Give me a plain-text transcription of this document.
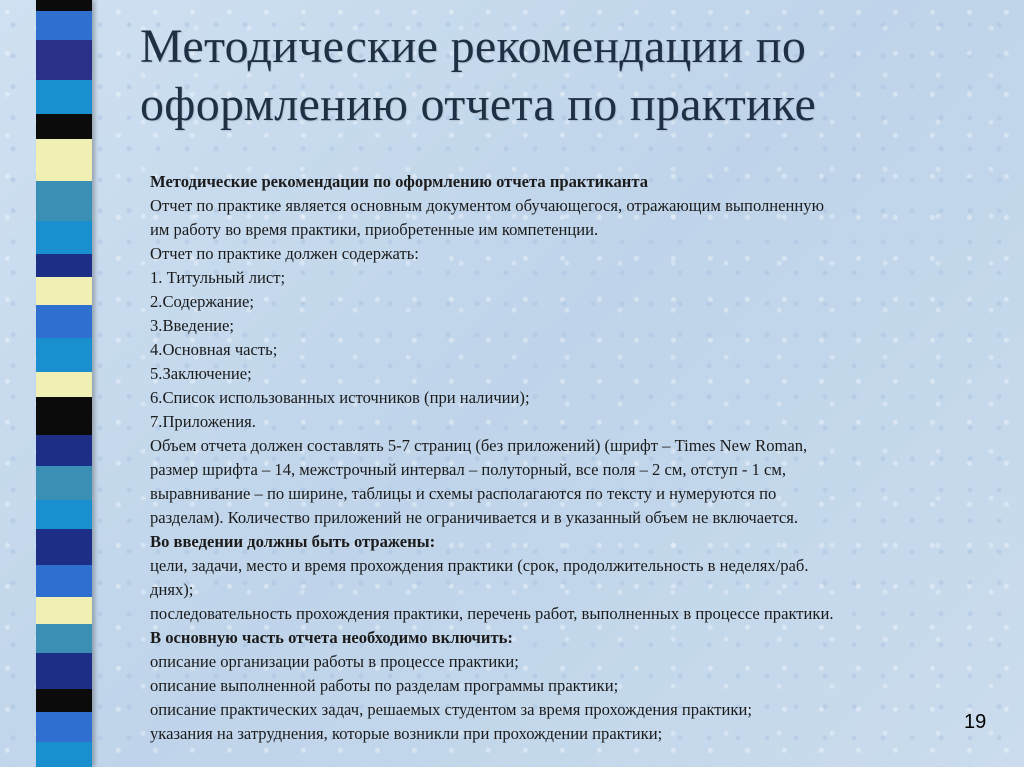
Методические рекомендации по оформлению отчета по практике

Методические рекомендации по оформлению отчета практиканта

Отчет по практике является основным документом обучающегося, отражающим выполненную

им работу во время практики, приобретенные им компетенции.

Отчет по практике должен содержать:

1. Титульный лист;

2.Содержание;

3.Введение;

4.Основная часть;

5.Заключение;

6.Список использованных источников (при наличии);

7.Приложения.

Объем отчета должен составлять 5-7 страниц (без приложений) (шрифт – Times New Roman,

размер шрифта – 14, межстрочный интервал – полуторный, все поля – 2 см, отступ - 1 см,

выравнивание – по ширине, таблицы и схемы располагаются по тексту и нумеруются по

разделам). Количество приложений не ограничивается и в указанный объем не включается.

Во введении должны быть отражены:

цели, задачи, место и время прохождения практики (срок, продолжительность в неделях/раб.

днях);

последовательность прохождения практики, перечень работ, выполненных в процессе практики.

В основную часть отчета необходимо включить:

описание организации работы в процессе практики;

описание выполненной работы по разделам программы практики;

описание практических задач, решаемых студентом за время прохождения практики;

указания на затруднения, которые возникли при прохождении практики;

19
